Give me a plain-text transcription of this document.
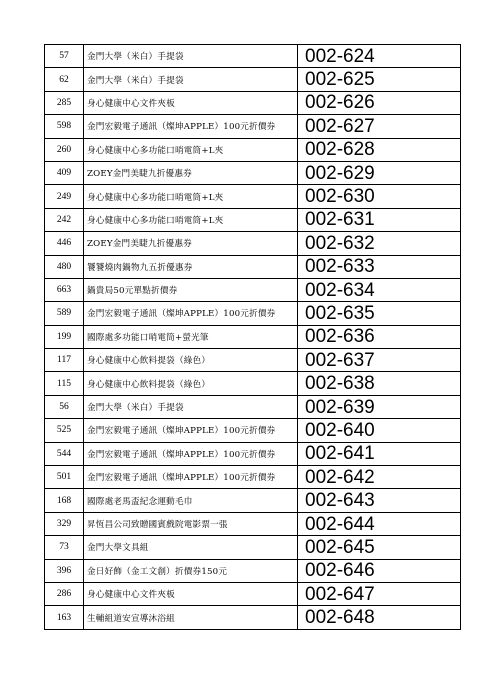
57	金門大學（米白）手提袋	002-624
62	金門大學（米白）手提袋	002-625
285	身心健康中心文件夾板	002-626
598	金門宏毅電子通訊（燦坤APPLE）100元折價券	002-627
260	身心健康中心多功能口哨電筒+L夾	002-628
409	ZOEY金門美睫九折優惠券	002-629
249	身心健康中心多功能口哨電筒+L夾	002-630
242	身心健康中心多功能口哨電筒+L夾	002-631
446	ZOEY金門美睫九折優惠券	002-632
480	饕饕燒肉鍋物九五折優惠券	002-633
663	鍋貴局50元單點折價券	002-634
589	金門宏毅電子通訊（燦坤APPLE）100元折價券	002-635
199	國際處多功能口哨電筒+螢光筆	002-636
117	身心健康中心飲料提袋（綠色）	002-637
115	身心健康中心飲料提袋（綠色）	002-638
56	金門大學（米白）手提袋	002-639
525	金門宏毅電子通訊（燦坤APPLE）100元折價券	002-640
544	金門宏毅電子通訊（燦坤APPLE）100元折價券	002-641
501	金門宏毅電子通訊（燦坤APPLE）100元折價券	002-642
168	國際處老馬盃紀念運動毛巾	002-643
329	昇恆昌公司致贈國賓戲院電影票一張	002-644
73	金門大學文具組	002-645
396	金日好飾（金工文創）折價券150元	002-646
286	身心健康中心文件夾板	002-647
163	生輔組道安宣導沐浴組	002-648
